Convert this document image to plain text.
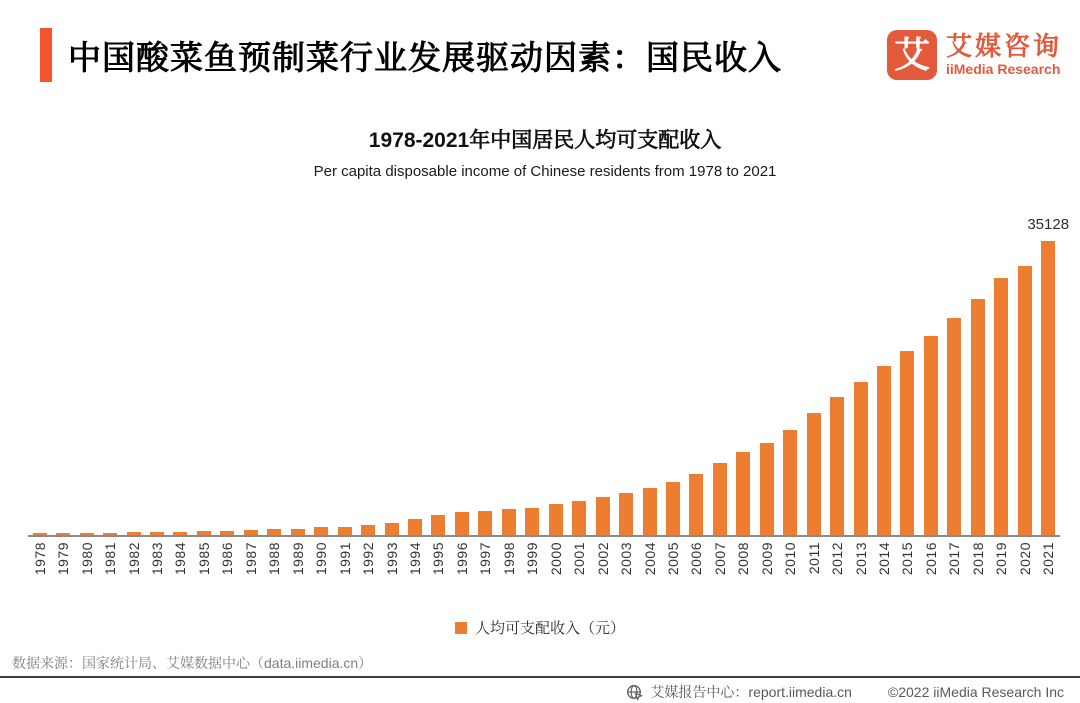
中国酸菜鱼预制菜行业发展驱动因素：国民收入	艾 艾媒咨询
iiMedia Research
1978-2021年中国居民人均可支配收入
Per capita disposable income of Chinese residents from 1978 to 2021
35128
1978 1979 1980 1981 1982 1983 1984 1985 1986 1987 1988 1989 1990 1991 1992 1993 1994 1995 1996 1997 1998 1999 2000 2001 2002 2003 2004 2005 2006 2007 2008 2009 2010 2011 2012 2013 2014 2015 2016 2017 2018 2019 2020 2021
人均可支配收入（元）
数据来源：国家统计局、艾媒数据中心（data.iimedia.cn）
艾媒报告中心：report.iimedia.cn	©2022 iiMedia Research Inc
